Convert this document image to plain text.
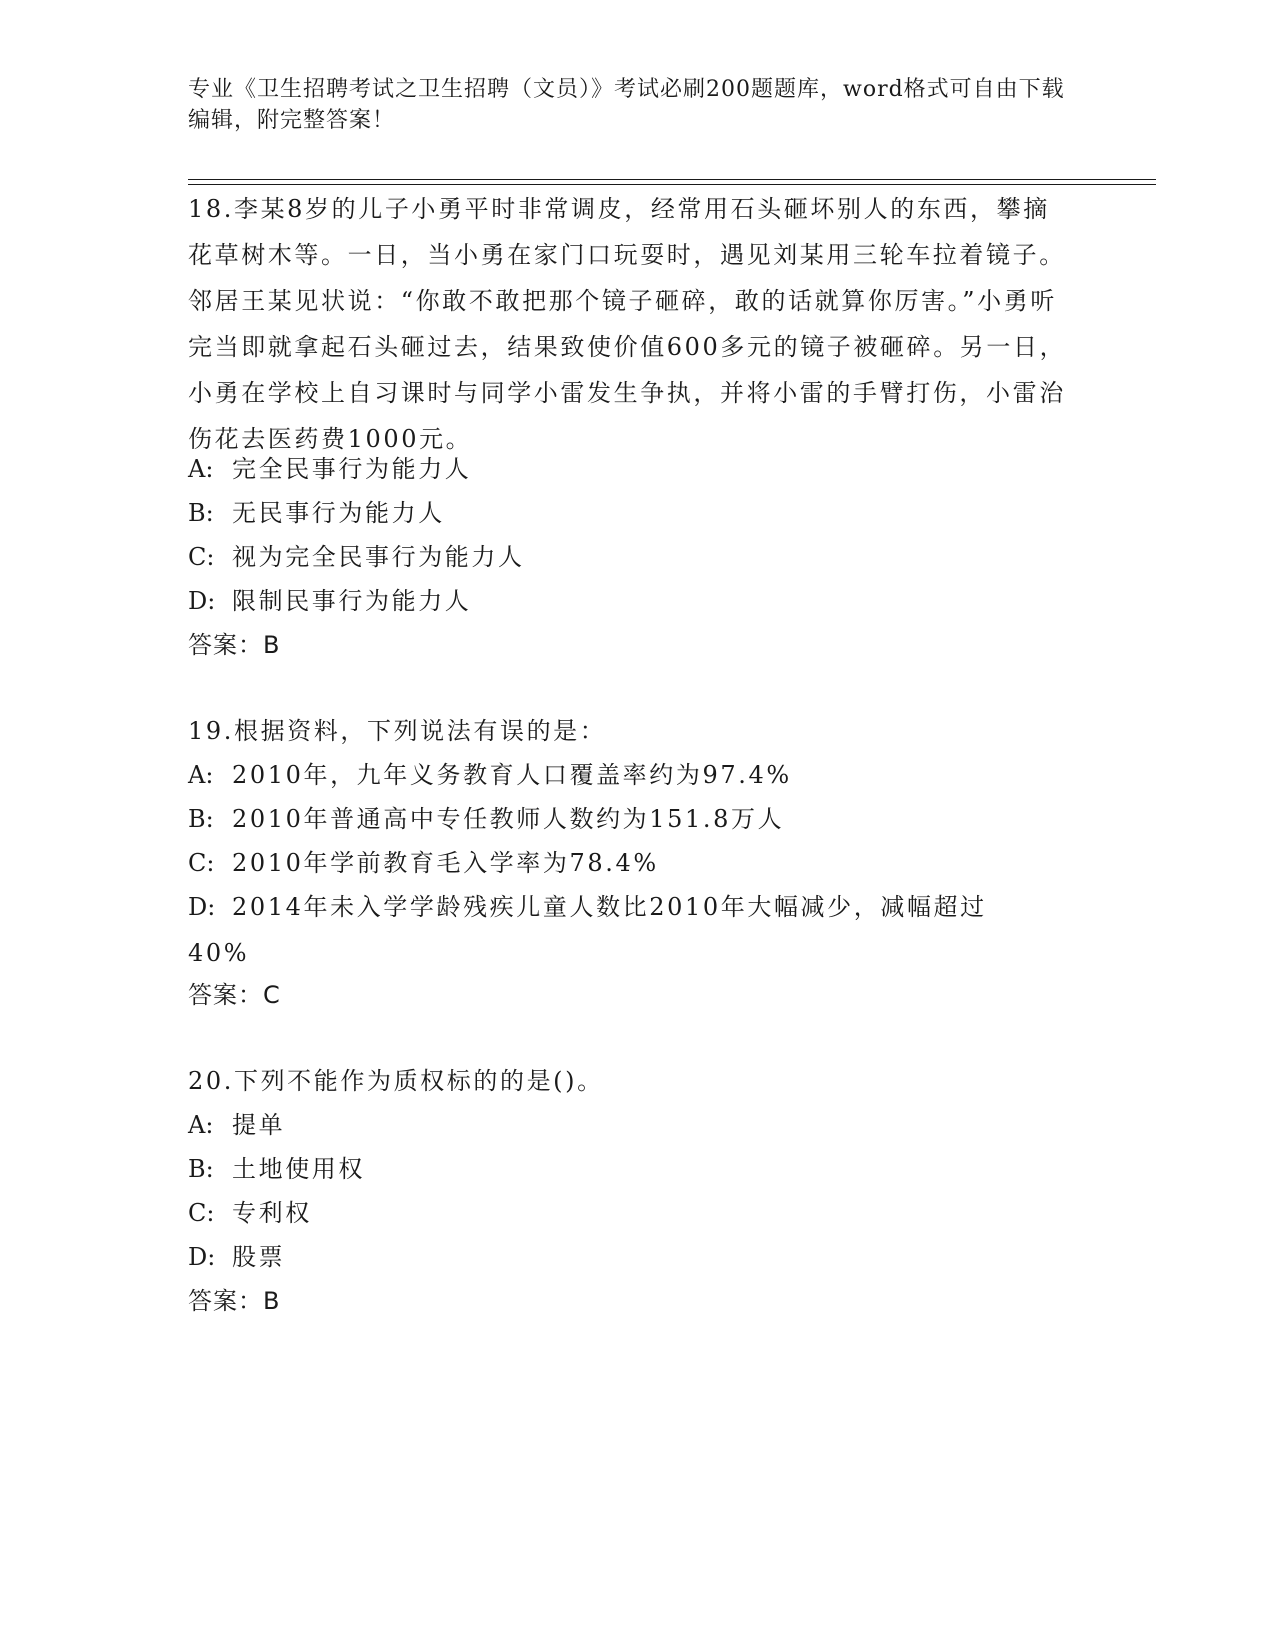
专业《卫生招聘考试之卫生招聘（文员）》考试必刷200题题库，word格式可自由下载编辑，附完整答案！
18.李某8岁的儿子小勇平时非常调皮，经常用石头砸坏别人的东西，攀摘花草树木等。一日，当小勇在家门口玩耍时，遇见刘某用三轮车拉着镜子。邻居王某见状说：“你敢不敢把那个镜子砸碎，敢的话就算你厉害。”小勇听完当即就拿起石头砸过去，结果致使价值600多元的镜子被砸碎。另一日，小勇在学校上自习课时与同学小雷发生争执，并将小雷的手臂打伤，小雷治伤花去医药费1000元。
A: 完全民事行为能力人
B: 无民事行为能力人
C: 视为完全民事行为能力人
D: 限制民事行为能力人
答案：B
19.根据资料，下列说法有误的是：
A: 2010年，九年义务教育人口覆盖率约为97.4%
B: 2010年普通高中专任教师人数约为151.8万人
C: 2010年学前教育毛入学率为78.4%
D: 2014年未入学学龄残疾儿童人数比2010年大幅减少，减幅超过40%
答案：C
20.下列不能作为质权标的的是()。
A: 提单
B: 土地使用权
C: 专利权
D: 股票
答案：B
